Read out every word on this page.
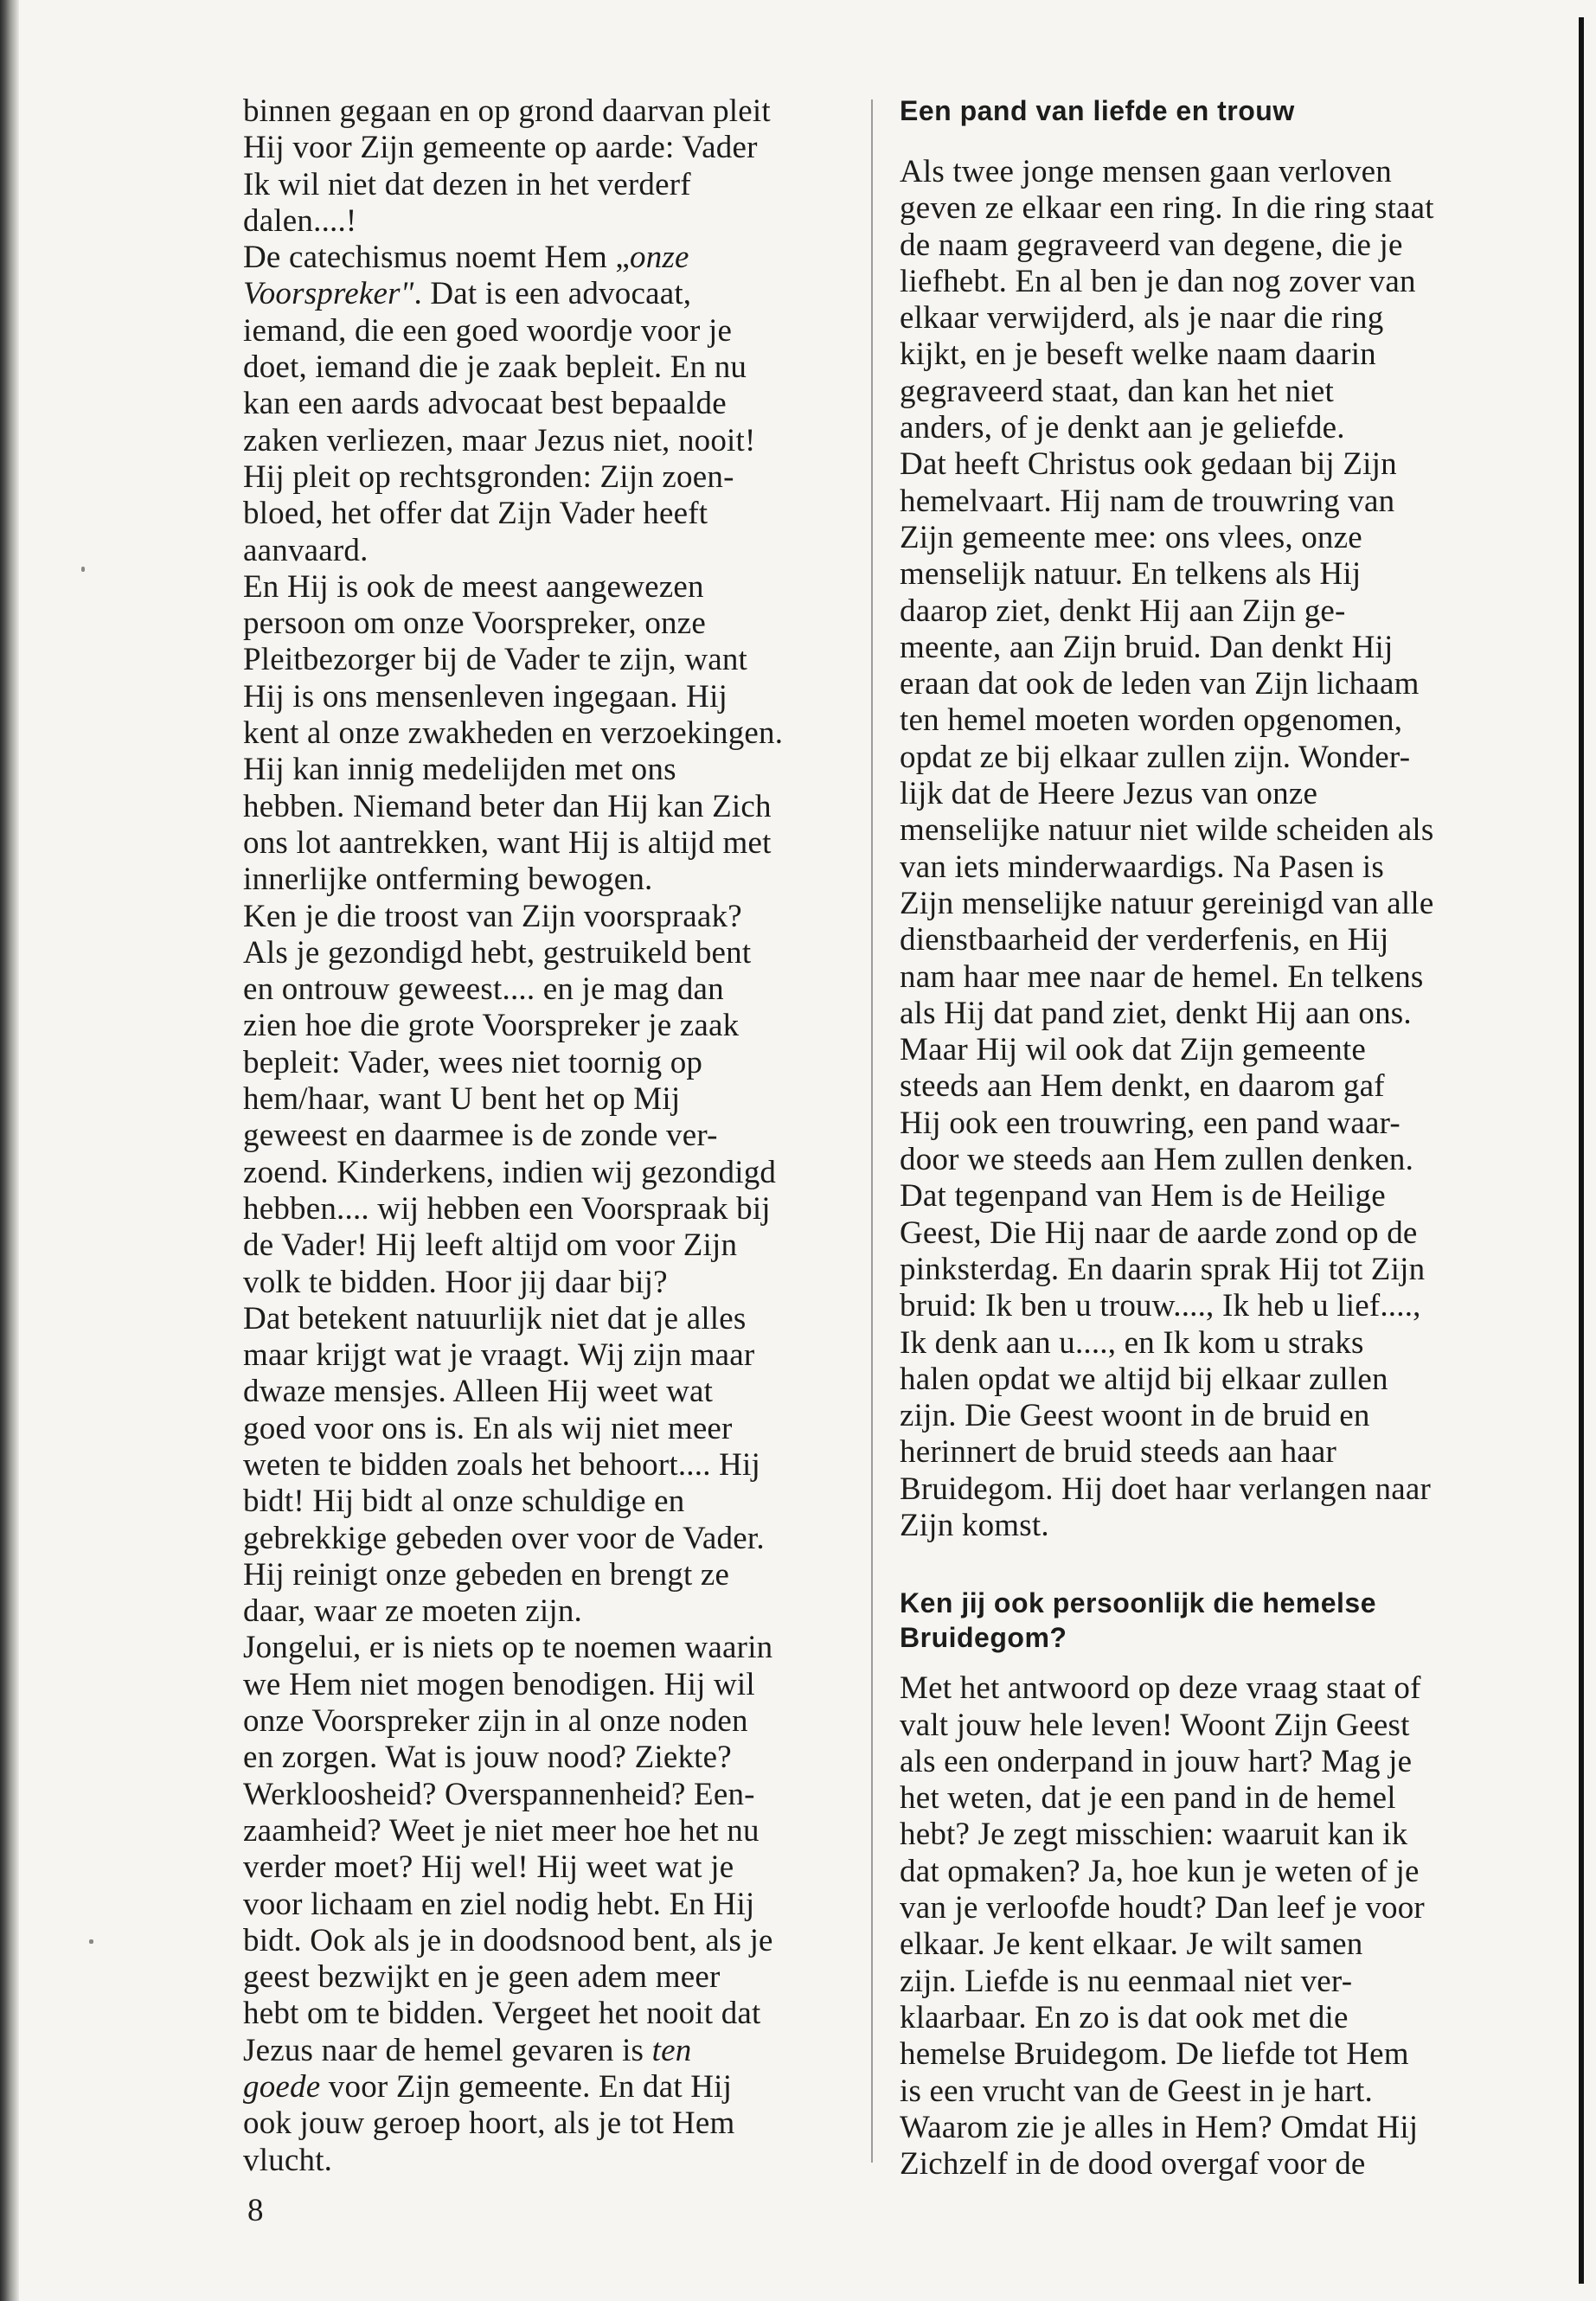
binnen gegaan en op grond daarvan pleit
Hij voor Zijn gemeente op aarde: Vader
Ik wil niet dat dezen in het verderf
dalen....!
De catechismus noemt Hem „onze
Voorspreker". Dat is een advocaat,
iemand, die een goed woordje voor je
doet, iemand die je zaak bepleit. En nu
kan een aards advocaat best bepaalde
zaken verliezen, maar Jezus niet, nooit!
Hij pleit op rechtsgronden: Zijn zoen-
bloed, het offer dat Zijn Vader heeft
aanvaard.
En Hij is ook de meest aangewezen
persoon om onze Voorspreker, onze
Pleitbezorger bij de Vader te zijn, want
Hij is ons mensenleven ingegaan. Hij
kent al onze zwakheden en verzoekingen.
Hij kan innig medelijden met ons
hebben. Niemand beter dan Hij kan Zich
ons lot aantrekken, want Hij is altijd met
innerlijke ontferming bewogen.
Ken je die troost van Zijn voorspraak?
Als je gezondigd hebt, gestruikeld bent
en ontrouw geweest.... en je mag dan
zien hoe die grote Voorspreker je zaak
bepleit: Vader, wees niet toornig op
hem/haar, want U bent het op Mij
geweest en daarmee is de zonde ver-
zoend. Kinderkens, indien wij gezondigd
hebben.... wij hebben een Voorspraak bij
de Vader! Hij leeft altijd om voor Zijn
volk te bidden. Hoor jij daar bij?
Dat betekent natuurlijk niet dat je alles
maar krijgt wat je vraagt. Wij zijn maar
dwaze mensjes. Alleen Hij weet wat
goed voor ons is. En als wij niet meer
weten te bidden zoals het behoort.... Hij
bidt! Hij bidt al onze schuldige en
gebrekkige gebeden over voor de Vader.
Hij reinigt onze gebeden en brengt ze
daar, waar ze moeten zijn.
Jongelui, er is niets op te noemen waarin
we Hem niet mogen benodigen. Hij wil
onze Voorspreker zijn in al onze noden
en zorgen. Wat is jouw nood? Ziekte?
Werkloosheid? Overspannenheid? Een-
zaamheid? Weet je niet meer hoe het nu
verder moet? Hij wel! Hij weet wat je
voor lichaam en ziel nodig hebt. En Hij
bidt. Ook als je in doodsnood bent, als je
geest bezwijkt en je geen adem meer
hebt om te bidden. Vergeet het nooit dat
Jezus naar de hemel gevaren is ten
goede voor Zijn gemeente. En dat Hij
ook jouw geroep hoort, als je tot Hem
vlucht.
Een pand van liefde en trouw
Als twee jonge mensen gaan verloven
geven ze elkaar een ring. In die ring staat
de naam gegraveerd van degene, die je
liefhebt. En al ben je dan nog zover van
elkaar verwijderd, als je naar die ring
kijkt, en je beseft welke naam daarin
gegraveerd staat, dan kan het niet
anders, of je denkt aan je geliefde.
Dat heeft Christus ook gedaan bij Zijn
hemelvaart. Hij nam de trouwring van
Zijn gemeente mee: ons vlees, onze
menselijk natuur. En telkens als Hij
daarop ziet, denkt Hij aan Zijn ge-
meente, aan Zijn bruid. Dan denkt Hij
eraan dat ook de leden van Zijn lichaam
ten hemel moeten worden opgenomen,
opdat ze bij elkaar zullen zijn. Wonder-
lijk dat de Heere Jezus van onze
menselijke natuur niet wilde scheiden als
van iets minderwaardigs. Na Pasen is
Zijn menselijke natuur gereinigd van alle
dienstbaarheid der verderfenis, en Hij
nam haar mee naar de hemel. En telkens
als Hij dat pand ziet, denkt Hij aan ons.
Maar Hij wil ook dat Zijn gemeente
steeds aan Hem denkt, en daarom gaf
Hij ook een trouwring, een pand waar-
door we steeds aan Hem zullen denken.
Dat tegenpand van Hem is de Heilige
Geest, Die Hij naar de aarde zond op de
pinksterdag. En daarin sprak Hij tot Zijn
bruid: Ik ben u trouw...., Ik heb u lief....,
Ik denk aan u...., en Ik kom u straks
halen opdat we altijd bij elkaar zullen
zijn. Die Geest woont in de bruid en
herinnert de bruid steeds aan haar
Bruidegom. Hij doet haar verlangen naar
Zijn komst.
Ken jij ook persoonlijk die hemelse
Bruidegom?
Met het antwoord op deze vraag staat of
valt jouw hele leven! Woont Zijn Geest
als een onderpand in jouw hart? Mag je
het weten, dat je een pand in de hemel
hebt? Je zegt misschien: waaruit kan ik
dat opmaken? Ja, hoe kun je weten of je
van je verloofde houdt? Dan leef je voor
elkaar. Je kent elkaar. Je wilt samen
zijn. Liefde is nu eenmaal niet ver-
klaarbaar. En zo is dat ook met die
hemelse Bruidegom. De liefde tot Hem
is een vrucht van de Geest in je hart.
Waarom zie je alles in Hem? Omdat Hij
Zichzelf in de dood overgaf voor de
8
